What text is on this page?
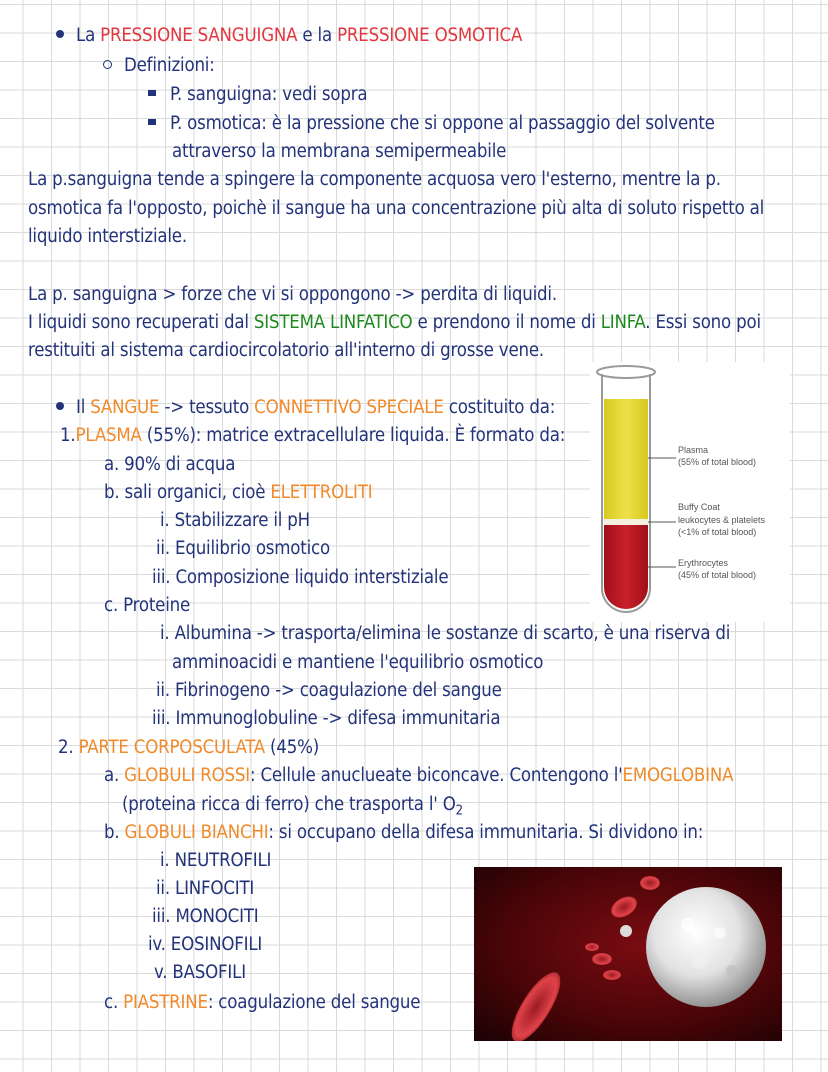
La PRESSIONE SANGUIGNA e la PRESSIONE OSMOTICA
Definizioni:
P. sanguigna: vedi sopra
P. osmotica: è la pressione che si oppone al passaggio del solvente
attraverso la membrana semipermeabile
La p.sanguigna tende a spingere la componente acquosa vero l'esterno, mentre la p.
osmotica fa l'opposto, poichè il sangue ha una concentrazione più alta di soluto rispetto al
liquido interstiziale.
La p. sanguigna > forze che vi si oppongono -> perdita di liquidi.
I liquidi sono recuperati dal SISTEMA LINFATICO e prendono il nome di LINFA. Essi sono poi
restituiti al sistema cardiocircolatorio all'interno di grosse vene.
Il SANGUE -> tessuto CONNETTIVO SPECIALE costituito da:
1.PLASMA (55%): matrice extracellulare liquida. È formato da:
a. 90% di acqua
b. sali organici, cioè ELETTROLITI
i. Stabilizzare il pH
ii. Equilibrio osmotico
iii. Composizione liquido interstiziale
c. Proteine
i. Albumina -> trasporta/elimina le sostanze di scarto, è una riserva di
amminoacidi e mantiene l'equilibrio osmotico
ii. Fibrinogeno -> coagulazione del sangue
iii. Immunoglobuline -> difesa immunitaria
2. PARTE CORPOSCULATA (45%)
a. GLOBULI ROSSI: Cellule anuclueate biconcave. Contengono l'EMOGLOBINA
(proteina ricca di ferro) che trasporta l' $O_2$
b. GLOBULI BIANCHI: si occupano della difesa immunitaria. Si dividono in:
i. NEUTROFILI
ii. LINFOCITI
iii. MONOCITI
iv. EOSINOFILI
v. BASOFILI
c. PIASTRINE: coagulazione del sangue
Plasma
(55% of total blood)
Buffy Coat
leukocytes & platelets
(<1% of total blood)
Erythrocytes
(45% of total blood)
